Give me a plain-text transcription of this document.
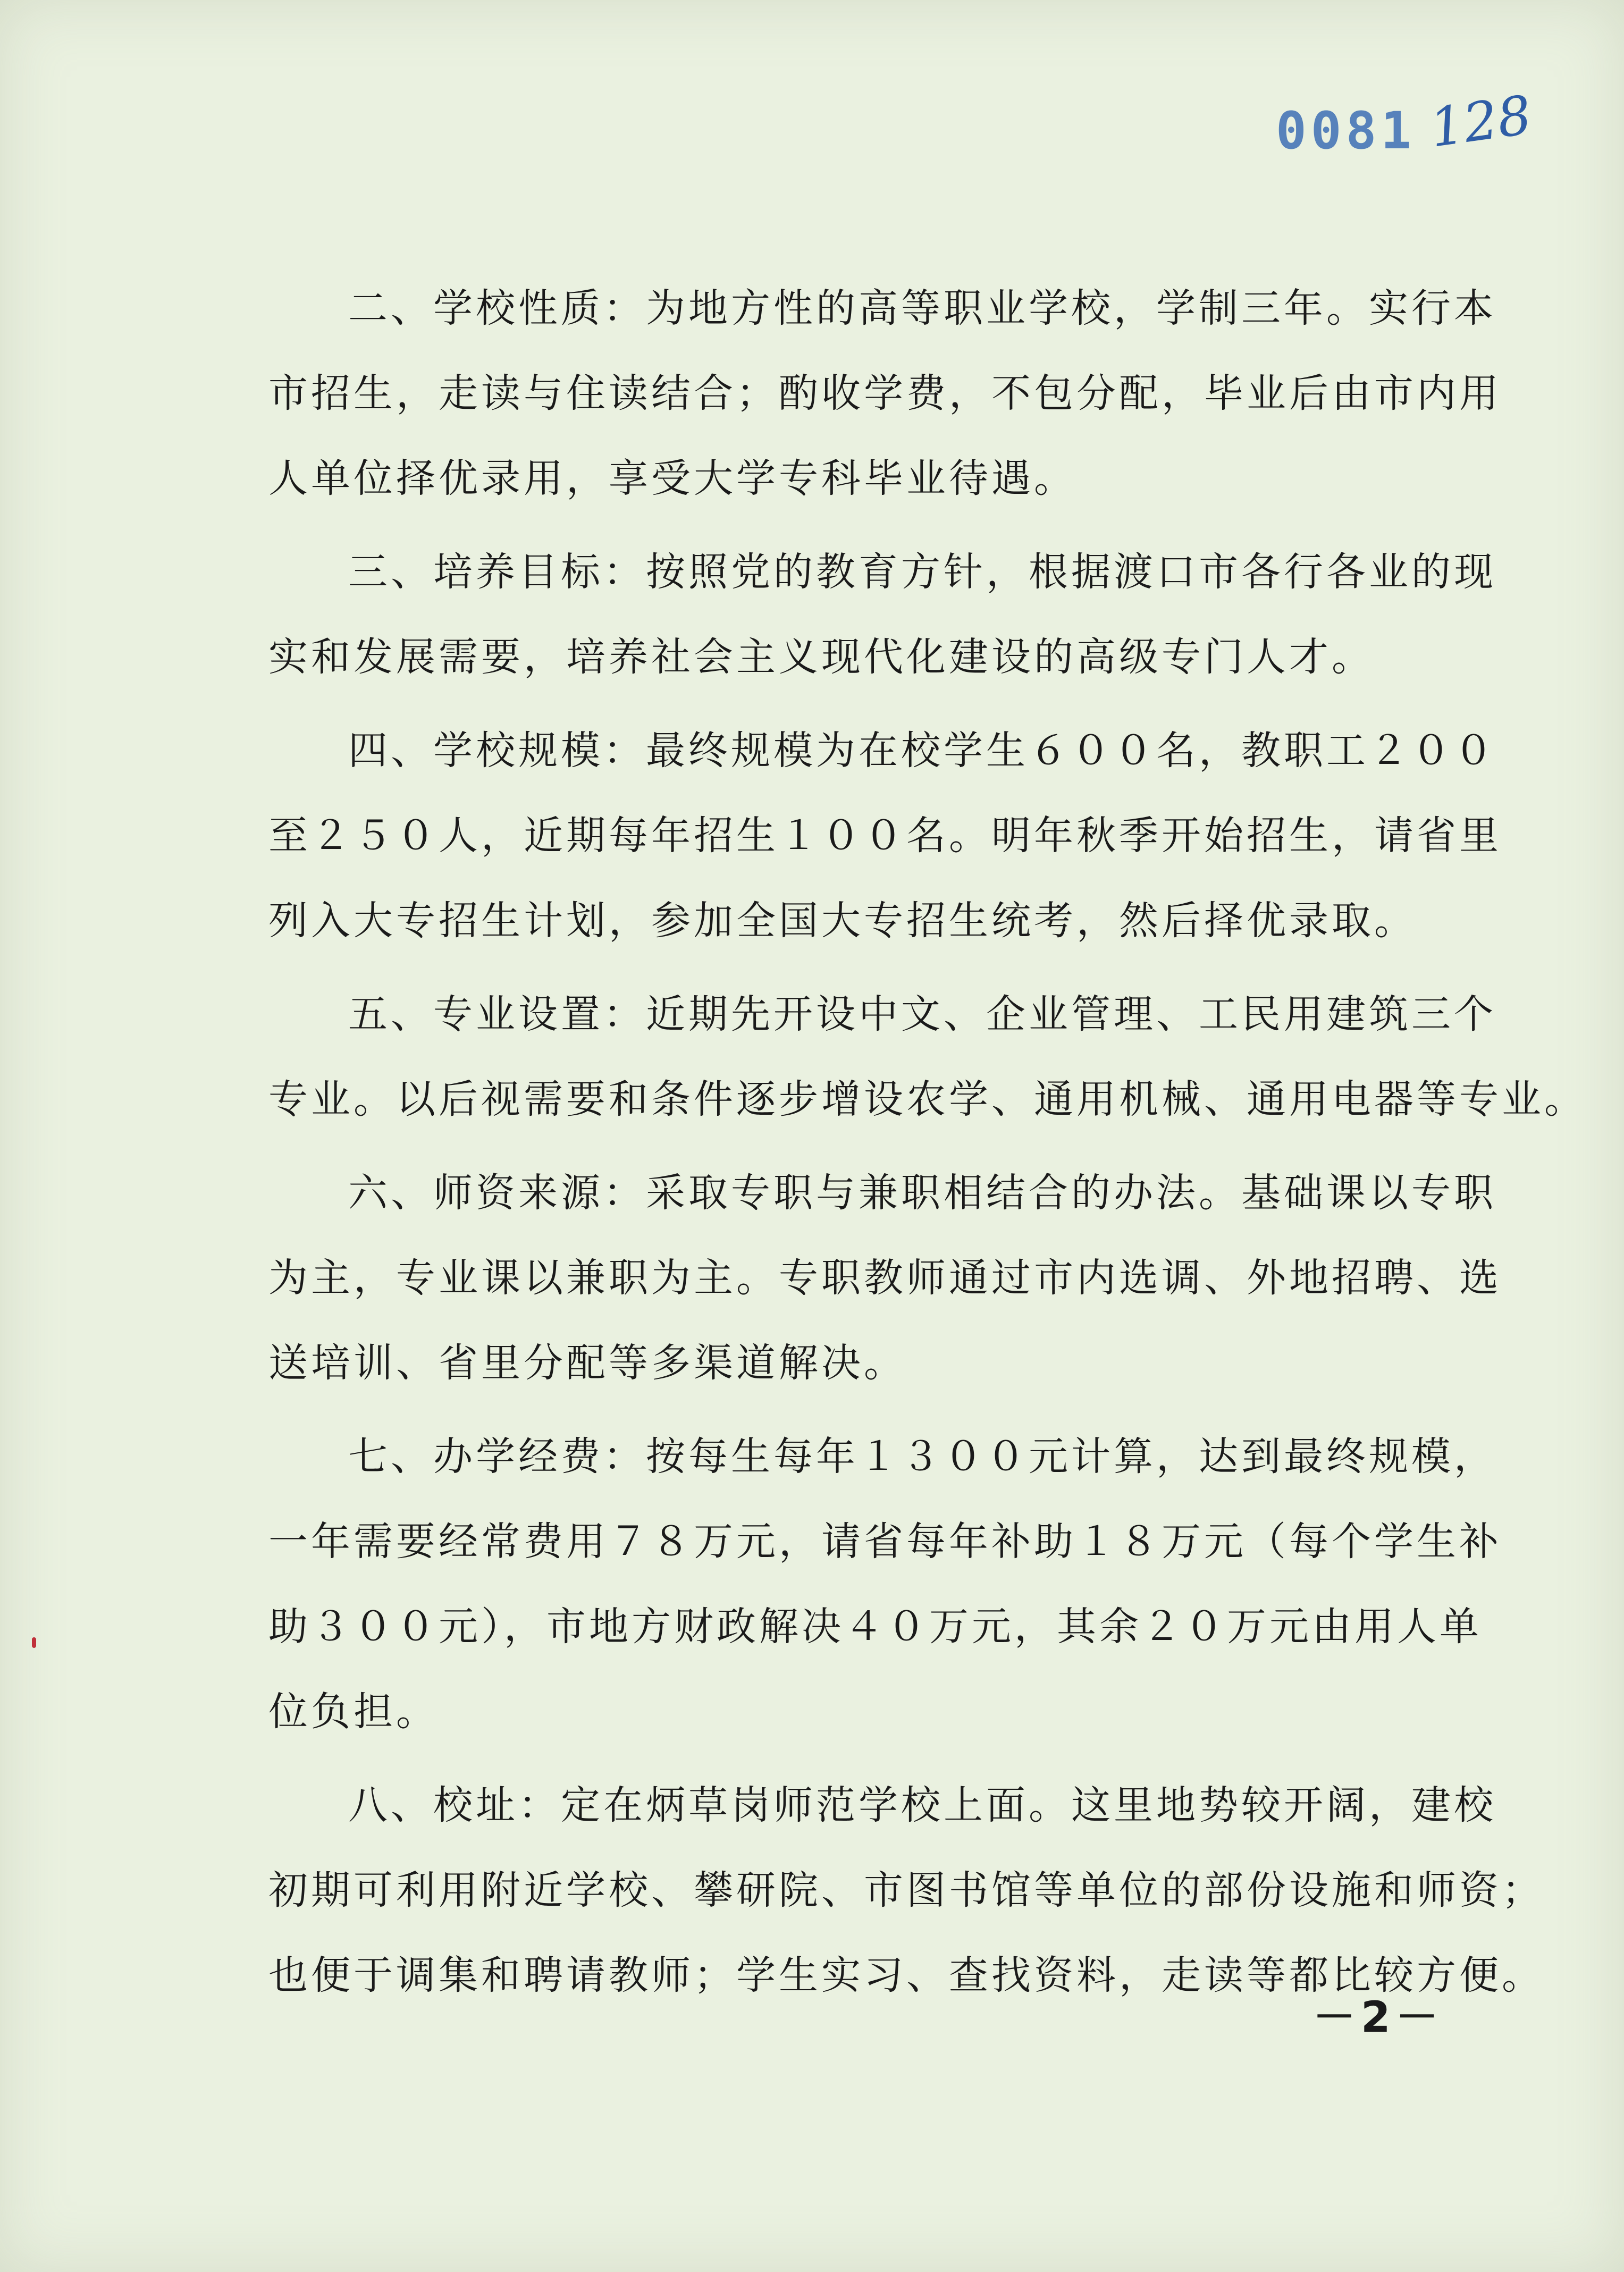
0081 128
二、学校性质：为地方性的高等职业学校，学制三年。实行本
市招生，走读与住读结合；酌收学费，不包分配，毕业后由市内用
人单位择优录用，享受大学专科毕业待遇。
三、培养目标：按照党的教育方针，根据渡口市各行各业的现
实和发展需要，培养社会主义现代化建设的高级专门人才。
四、学校规模：最终规模为在校学生６００名，教职工２００
至２５０人，近期每年招生１００名。明年秋季开始招生，请省里
列入大专招生计划，参加全国大专招生统考，然后择优录取。
五、专业设置：近期先开设中文、企业管理、工民用建筑三个
专业。以后视需要和条件逐步增设农学、通用机械、通用电器等专业。
六、师资来源：采取专职与兼职相结合的办法。基础课以专职
为主，专业课以兼职为主。专职教师通过市内选调、外地招聘、选
送培训、省里分配等多渠道解决。
七、办学经费：按每生每年１３００元计算，达到最终规模，
一年需要经常费用７８万元，请省每年补助１８万元（每个学生补
助３００元），市地方财政解决４０万元，其余２０万元由用人单
位负担。
八、校址：定在炳草岗师范学校上面。这里地势较开阔，建校
初期可利用附近学校、攀研院、市图书馆等单位的部份设施和师资；
也便于调集和聘请教师；学生实习、查找资料，走读等都比较方便。
－2－
